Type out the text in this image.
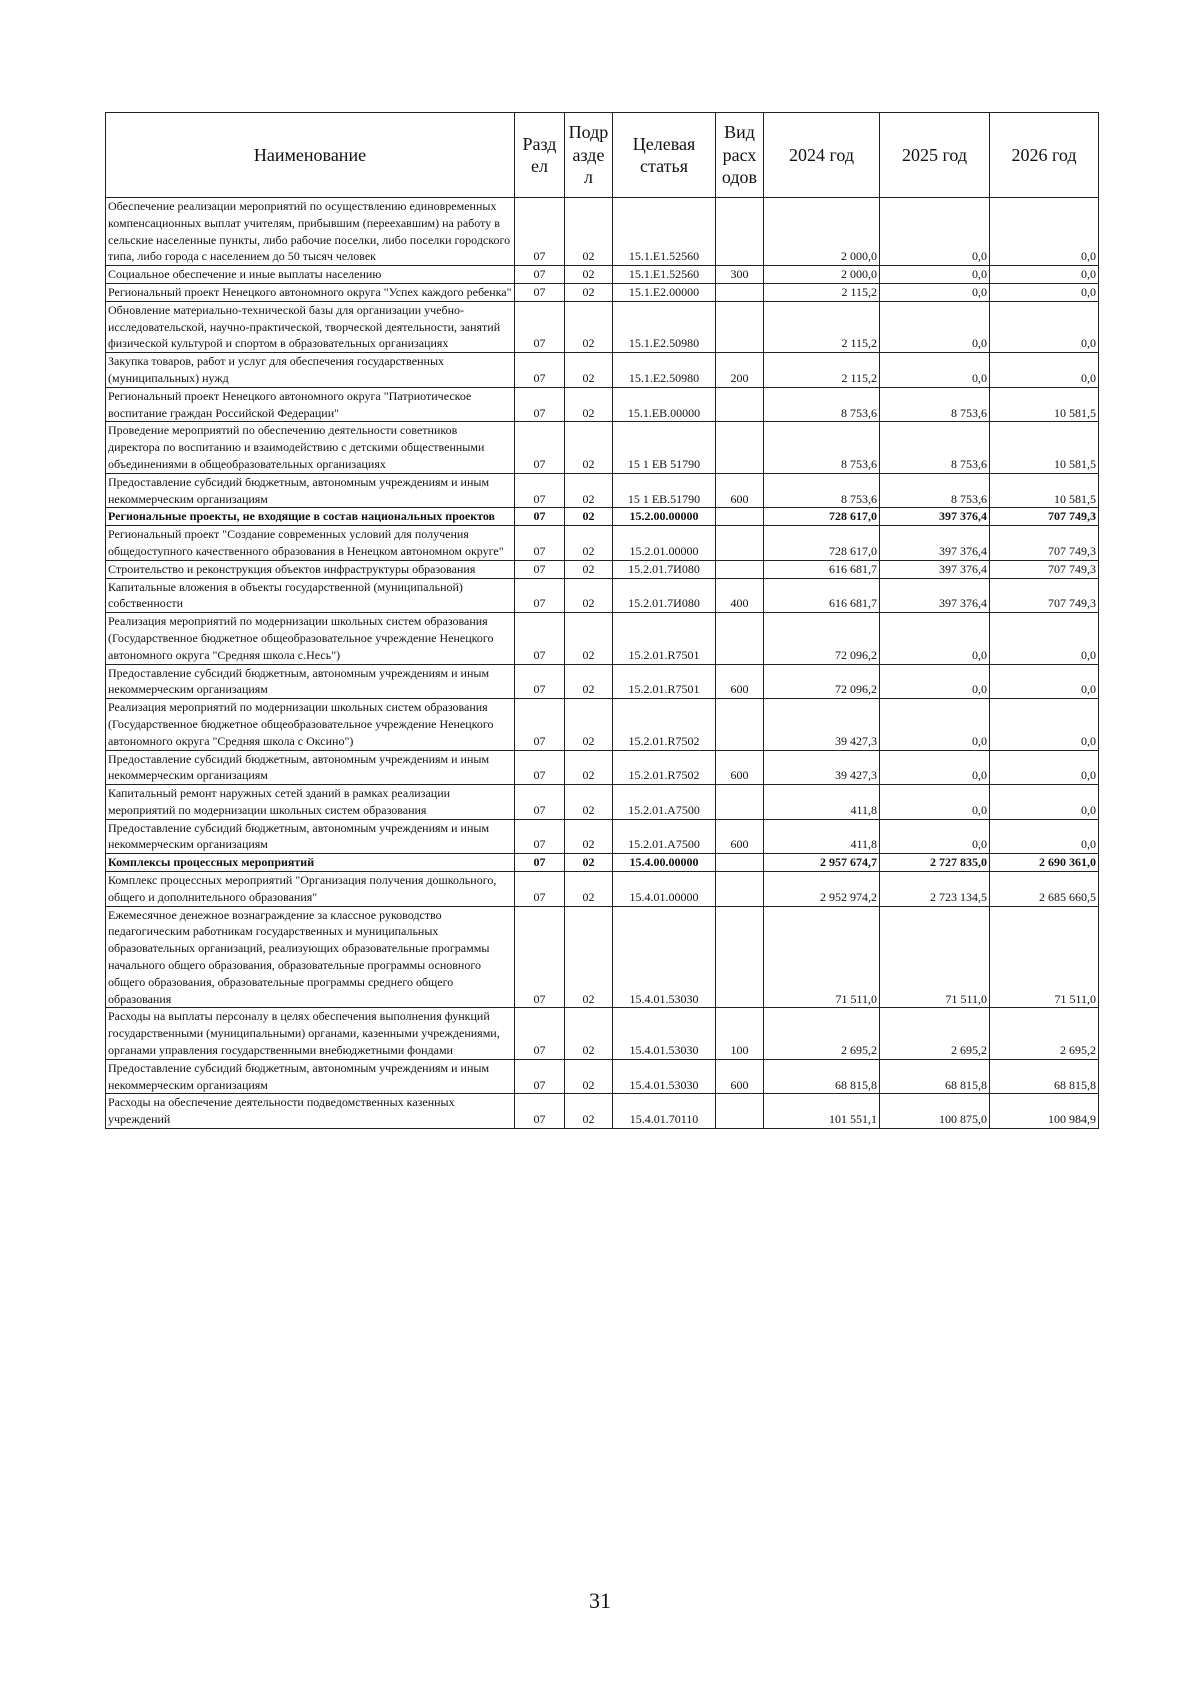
Наименование	Разд ел	Подр азде л	Целевая статья	Вид расх одов	2024 год	2025 год	2026 год
Обеспечение реализации мероприятий по осуществлению единовременных компенсационных выплат учителям, прибывшим (переехавшим) на работу в сельские населенные пункты, либо рабочие поселки, либо поселки городского типа, либо города с населением до 50 тысяч человек	07	02	15.1.E1.52560		2 000,0	0,0	0,0
Социальное обеспечение и иные выплаты населению	07	02	15.1.E1.52560	300	2 000,0	0,0	0,0
Региональный проект Ненецкого автономного округа "Успех каждого ребенка"	07	02	15.1.E2.00000		2 115,2	0,0	0,0
Обновление материально-технической базы для организации учебно-исследовательской, научно-практической, творческой деятельности, занятий физической культурой и спортом в образовательных организациях	07	02	15.1.E2.50980		2 115,2	0,0	0,0
Закупка товаров, работ и услуг для обеспечения государственных (муниципальных) нужд	07	02	15.1.E2.50980	200	2 115,2	0,0	0,0
Региональный проект Ненецкого автономного округа "Патриотическое воспитание граждан Российской Федерации"	07	02	15.1.EB.00000		8 753,6	8 753,6	10 581,5
Проведение мероприятий по обеспечению деятельности советников директора по воспитанию и взаимодействию с детскими общественными объединениями в общеобразовательных организациях	07	02	15 1 EB 51790		8 753,6	8 753,6	10 581,5
Предоставление субсидий бюджетным, автономным учреждениям и иным некоммерческим организациям	07	02	15 1 EB.51790	600	8 753,6	8 753,6	10 581,5
Региональные проекты, не входящие в состав национальных проектов	07	02	15.2.00.00000		728 617,0	397 376,4	707 749,3
Региональный проект "Создание современных условий для получения общедоступного качественного образования в Ненецком автономном округе"	07	02	15.2.01.00000		728 617,0	397 376,4	707 749,3
Строительство и реконструкция объектов инфраструктуры образования	07	02	15.2.01.7И080		616 681,7	397 376,4	707 749,3
Капитальные вложения в объекты государственной (муниципальной) собственности	07	02	15.2.01.7И080	400	616 681,7	397 376,4	707 749,3
Реализация мероприятий по модернизации школьных систем образования (Государственное бюджетное общеобразовательное учреждение Ненецкого автономного округа "Средняя школа с.Несь")	07	02	15.2.01.R7501		72 096,2	0,0	0,0
Предоставление субсидий бюджетным, автономным учреждениям и иным некоммерческим организациям	07	02	15.2.01.R7501	600	72 096,2	0,0	0,0
Реализация мероприятий по модернизации школьных систем образования (Государственное бюджетное общеобразовательное учреждение Ненецкого автономного округа "Средняя школа с Оксино")	07	02	15.2.01.R7502		39 427,3	0,0	0,0
Предоставление субсидий бюджетным, автономным учреждениям и иным некоммерческим организациям	07	02	15.2.01.R7502	600	39 427,3	0,0	0,0
Капитальный ремонт наружных сетей зданий в рамках реализации мероприятий по модернизации школьных систем образования	07	02	15.2.01.A7500		411,8	0,0	0,0
Предоставление субсидий бюджетным, автономным учреждениям и иным некоммерческим организациям	07	02	15.2.01.A7500	600	411,8	0,0	0,0
Комплексы процессных мероприятий	07	02	15.4.00.00000		2 957 674,7	2 727 835,0	2 690 361,0
Комплекс процессных мероприятий "Организация получения дошкольного, общего и дополнительного образования"	07	02	15.4.01.00000		2 952 974,2	2 723 134,5	2 685 660,5
Ежемесячное денежное вознаграждение за классное руководство педагогическим работникам государственных и муниципальных образовательных организаций, реализующих образовательные программы начального общего образования, образовательные программы основного общего образования, образовательные программы среднего общего образования	07	02	15.4.01.53030		71 511,0	71 511,0	71 511,0
Расходы на выплаты персоналу в целях обеспечения выполнения функций государственными (муниципальными) органами, казенными учреждениями, органами управления государственными внебюджетными фондами	07	02	15.4.01.53030	100	2 695,2	2 695,2	2 695,2
Предоставление субсидий бюджетным, автономным учреждениям и иным некоммерческим организациям	07	02	15.4.01.53030	600	68 815,8	68 815,8	68 815,8
Расходы на обеспечение деятельности подведомственных казенных учреждений	07	02	15.4.01.70110		101 551,1	100 875,0	100 984,9
31
